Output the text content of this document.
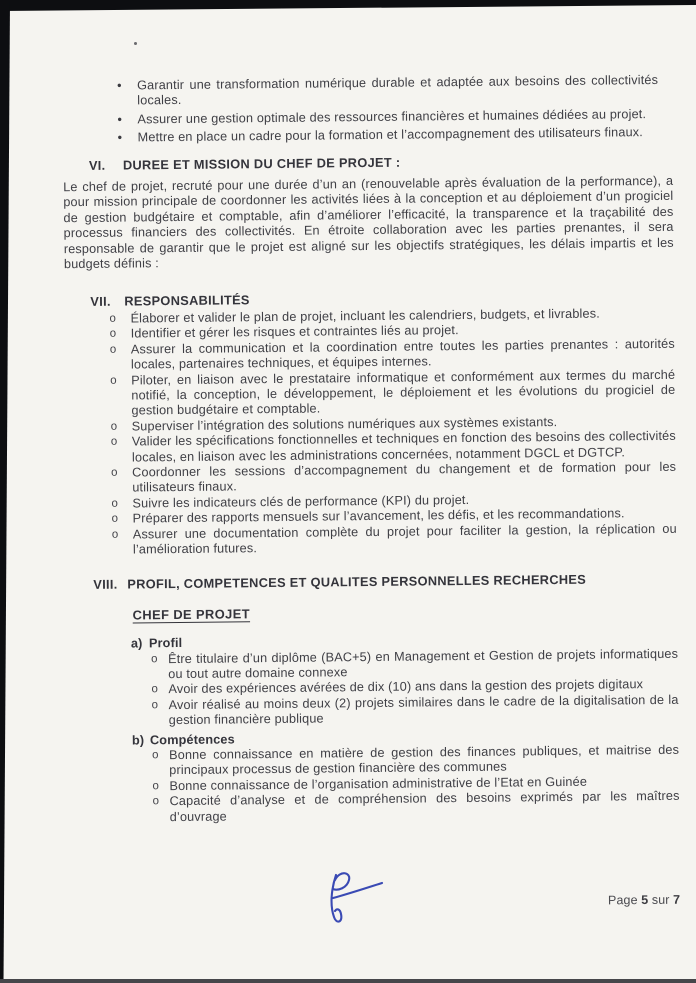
•	Garantir une transformation numérique durable et adaptée aux besoins des collectivités locales.
•	Assurer une gestion optimale des ressources financières et humaines dédiées au projet.
•	Mettre en place un cadre pour la formation et l’accompagnement des utilisateurs finaux.
VI.	DUREE ET MISSION DU CHEF DE PROJET :
Le chef de projet, recruté pour une durée d’un an (renouvelable après évaluation de la performance), a pour mission principale de coordonner les activités liées à la conception et au déploiement d’un progiciel de gestion budgétaire et comptable, afin d’améliorer l’efficacité, la transparence et la traçabilité des processus financiers des collectivités. En étroite collaboration avec les parties prenantes, il sera responsable de garantir que le projet est aligné sur les objectifs stratégiques, les délais impartis et les budgets définis :
VII.	RESPONSABILITÉS
o	Élaborer et valider le plan de projet, incluant les calendriers, budgets, et livrables.
o	Identifier et gérer les risques et contraintes liés au projet.
o	Assurer la communication et la coordination entre toutes les parties prenantes : autorités locales, partenaires techniques, et équipes internes.
o	Piloter, en liaison avec le prestataire informatique et conformément aux termes du marché notifié, la conception, le développement, le déploiement et les évolutions du progiciel de gestion budgétaire et comptable.
o	Superviser l’intégration des solutions numériques aux systèmes existants.
o	Valider les spécifications fonctionnelles et techniques en fonction des besoins des collectivités locales, en liaison avec les administrations concernées, notamment DGCL et DGTCP.
o	Coordonner les sessions d’accompagnement du changement et de formation pour les utilisateurs finaux.
o	Suivre les indicateurs clés de performance (KPI) du projet.
o	Préparer des rapports mensuels sur l’avancement, les défis, et les recommandations.
o	Assurer une documentation complète du projet pour faciliter la gestion, la réplication ou l’amélioration futures.
VIII. PROFIL, COMPETENCES ET QUALITES PERSONNELLES RECHERCHES
CHEF DE PROJET
a) Profil
o Être titulaire d’un diplôme (BAC+5) en Management et Gestion de projets informatiques ou tout autre domaine connexe
o Avoir des expériences avérées de dix (10) ans dans la gestion des projets digitaux
o Avoir réalisé au moins deux (2) projets similaires dans le cadre de la digitalisation de la gestion financière publique
b) Compétences
o Bonne connaissance en matière de gestion des finances publiques, et maitrise des principaux processus de gestion financière des communes
o Bonne connaissance de l’organisation administrative de l’Etat en Guinée
o Capacité d’analyse et de compréhension des besoins exprimés par les maîtres d’ouvrage
Page 5 sur 7
